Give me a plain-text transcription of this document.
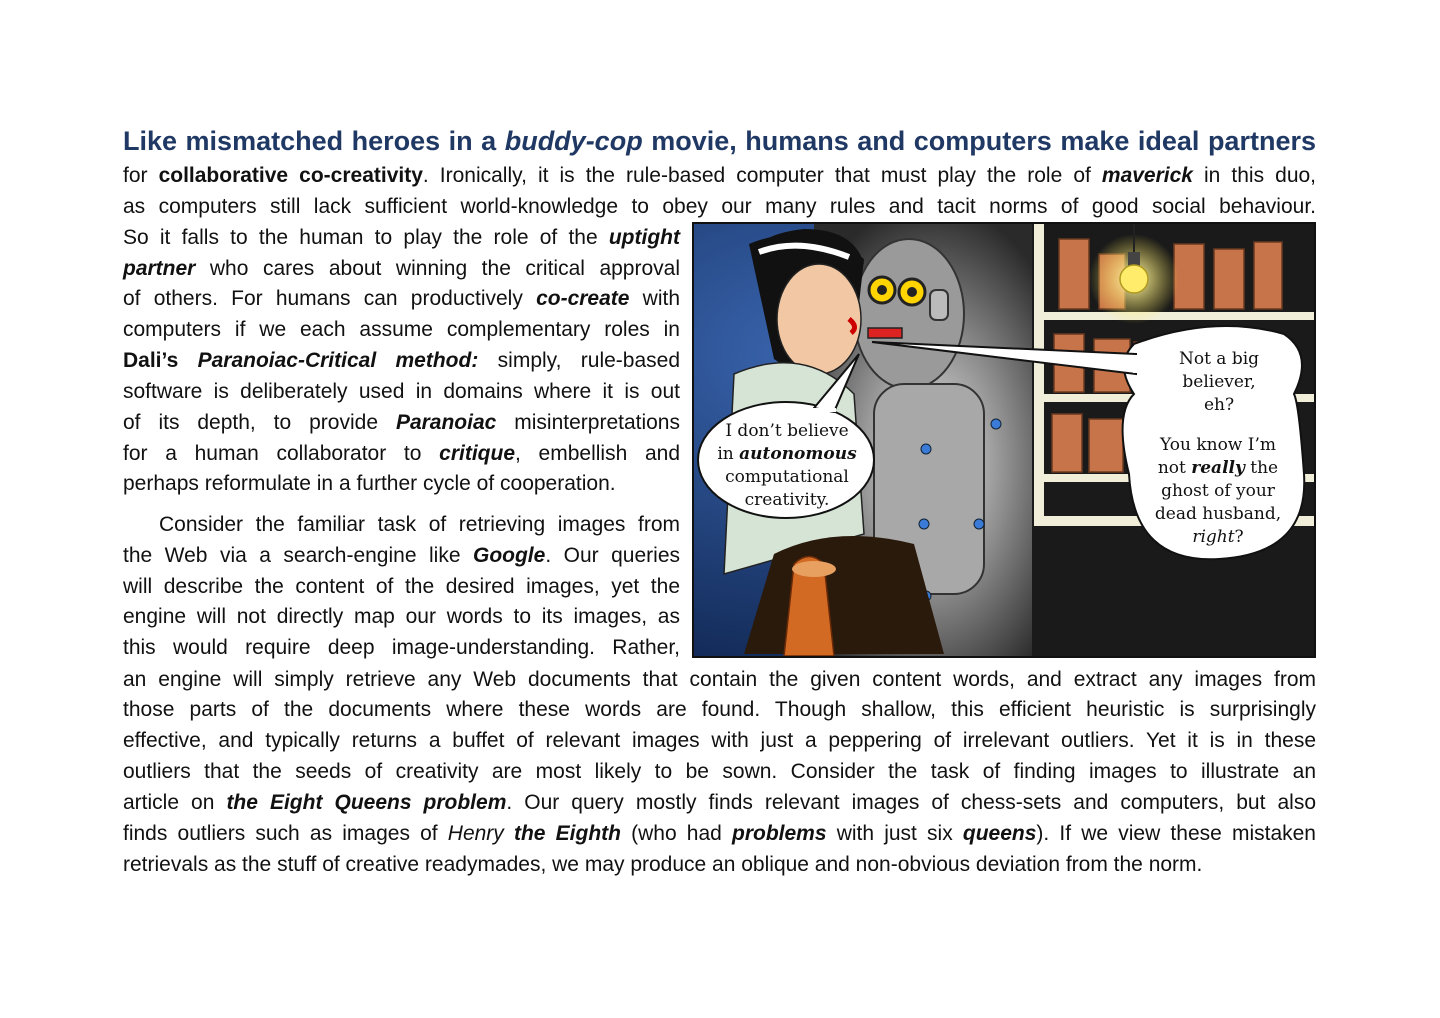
Like mismatched heroes in a buddy-cop movie, humans and computers make ideal partners
for collaborative co-creativity. Ironically, it is the rule-based computer that must play the role of maverick in this duo,
as computers still lack sufficient world-knowledge to obey our many rules and tacit norms of good social behaviour.
So it falls to the human to play the role of the uptight
partner who cares about winning the critical approval
of others. For humans can productively co-create with
computers if we each assume complementary roles in
Dali’s Paranoiac-Critical method: simply, rule-based
software is deliberately used in domains where it is out
of its depth, to provide Paranoiac misinterpretations
for a human collaborator to critique, embellish and
perhaps reformulate in a further cycle of cooperation.
Consider the familiar task of retrieving images from
the Web via a search-engine like Google. Our queries
will describe the content of the desired images, yet the
engine will not directly map our words to its images, as
this would require deep image-understanding. Rather,
an engine will simply retrieve any Web documents that contain the given content words, and extract any images from
those parts of the documents where these words are found. Though shallow, this efficient heuristic is surprisingly
effective, and typically returns a buffet of relevant images with just a peppering of irrelevant outliers. Yet it is in these
outliers that the seeds of creativity are most likely to be sown. Consider the task of finding images to illustrate an
article on the Eight Queens problem. Our query mostly finds relevant images of chess-sets and computers, but also
finds outliers such as images of Henry the Eighth (who had problems with just six queens). If we view these mistaken
retrievals as the stuff of creative readymades, we may produce an oblique and non-obvious deviation from the norm.
I don’t believe
in autonomous
computational
creativity.
Not a big
believer,
eh?
You know I’m
not really the
ghost of your
dead husband,
right?
